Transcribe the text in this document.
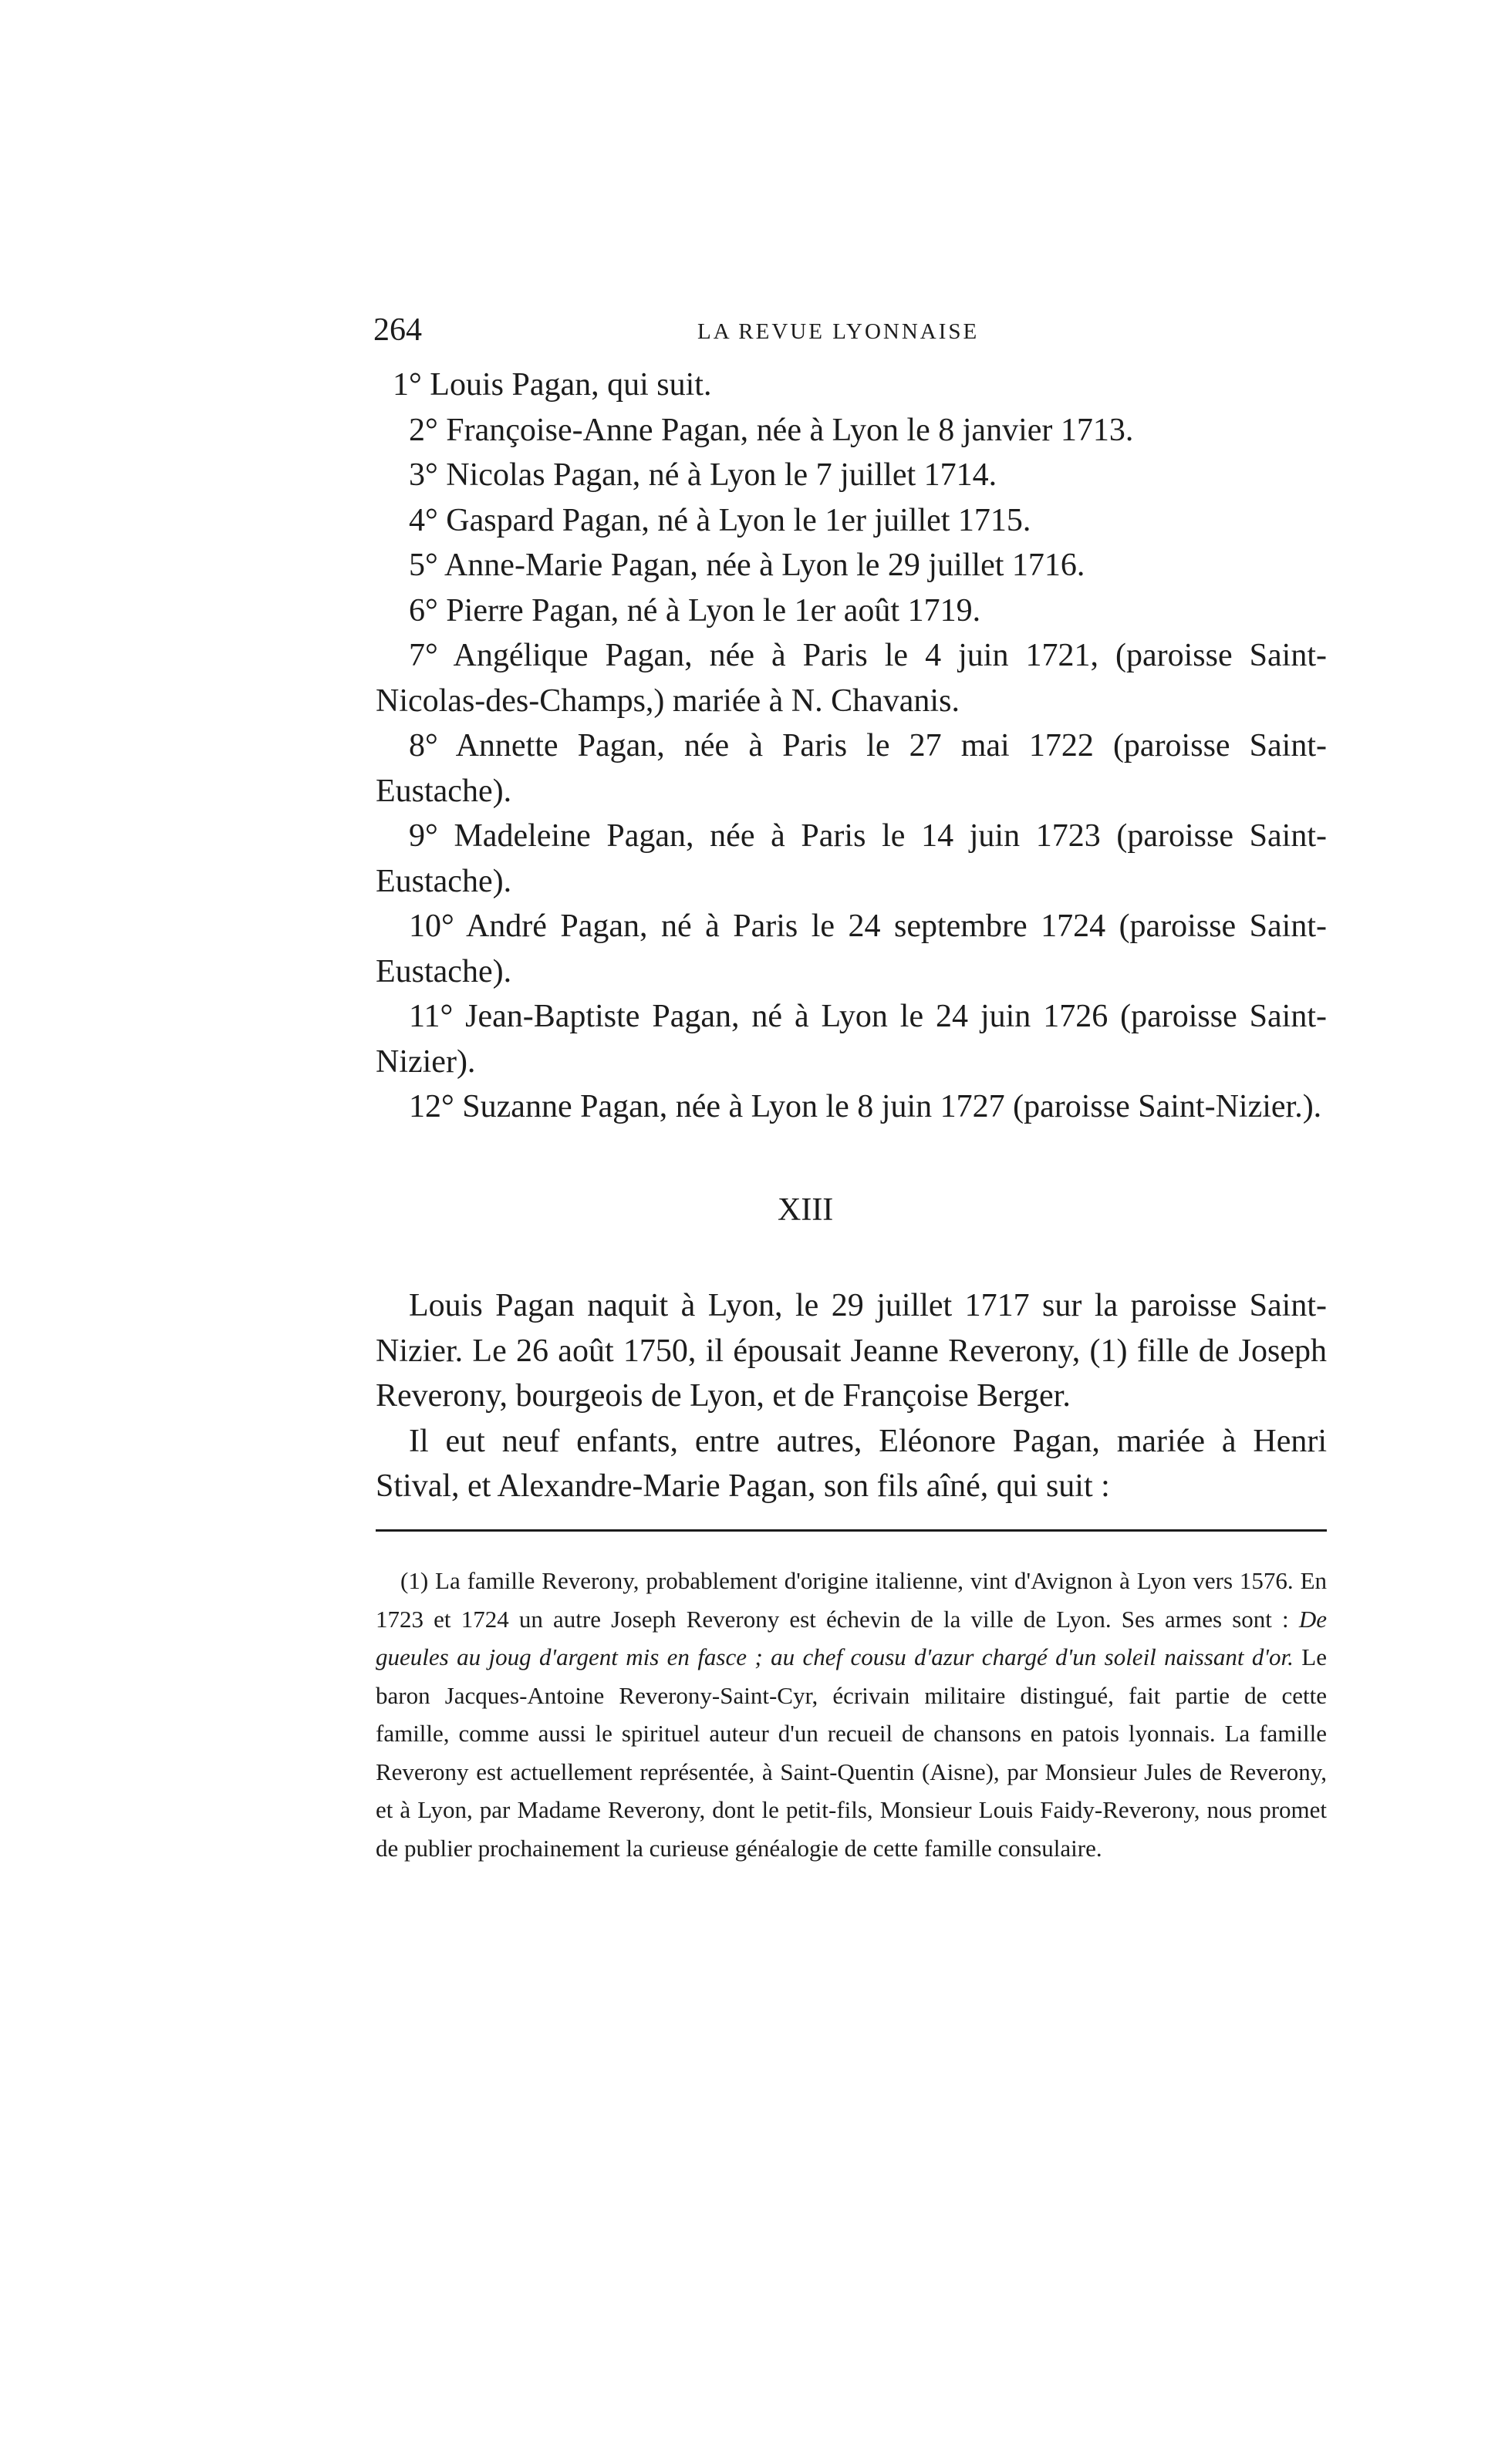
264	LA REVUE LYONNAISE

1° Louis Pagan, qui suit.

2° Françoise-Anne Pagan, née à Lyon le 8 janvier 1713.

3° Nicolas Pagan, né à Lyon le 7 juillet 1714.

4° Gaspard Pagan, né à Lyon le 1er juillet 1715.

5° Anne-Marie Pagan, née à Lyon le 29 juillet 1716.

6° Pierre Pagan, né à Lyon le 1er août 1719.

7° Angélique Pagan, née à Paris le 4 juin 1721, (paroisse Saint-Nicolas-des-Champs,) mariée à N. Chavanis.

8° Annette Pagan, née à Paris le 27 mai 1722 (paroisse Saint-Eustache).

9° Madeleine Pagan, née à Paris le 14 juin 1723 (paroisse Saint-Eustache).

10° André Pagan, né à Paris le 24 septembre 1724 (paroisse Saint-Eustache).

11° Jean-Baptiste Pagan, né à Lyon le 24 juin 1726 (paroisse Saint-Nizier).

12° Suzanne Pagan, née à Lyon le 8 juin 1727 (paroisse Saint-Nizier.).

XIII

Louis Pagan naquit à Lyon, le 29 juillet 1717 sur la paroisse Saint-Nizier. Le 26 août 1750, il épousait Jeanne Reverony, (1) fille de Joseph Reverony, bourgeois de Lyon, et de Françoise Berger.

Il eut neuf enfants, entre autres, Eléonore Pagan, mariée à Henri Stival, et Alexandre-Marie Pagan, son fils aîné, qui suit :

(1) La famille Reverony, probablement d'origine italienne, vint d'Avignon à Lyon vers 1576. En 1723 et 1724 un autre Joseph Reverony est échevin de la ville de Lyon. Ses armes sont : De gueules au joug d'argent mis en fasce ; au chef cousu d'azur chargé d'un soleil naissant d'or. Le baron Jacques-Antoine Reverony-Saint-Cyr, écrivain militaire distingué, fait partie de cette famille, comme aussi le spirituel auteur d'un recueil de chansons en patois lyonnais. La famille Reverony est actuellement représentée, à Saint-Quentin (Aisne), par Monsieur Jules de Reverony, et à Lyon, par Madame Reverony, dont le petit-fils, Monsieur Louis Faidy-Reverony, nous promet de publier prochainement la curieuse généalogie de cette famille consulaire.
